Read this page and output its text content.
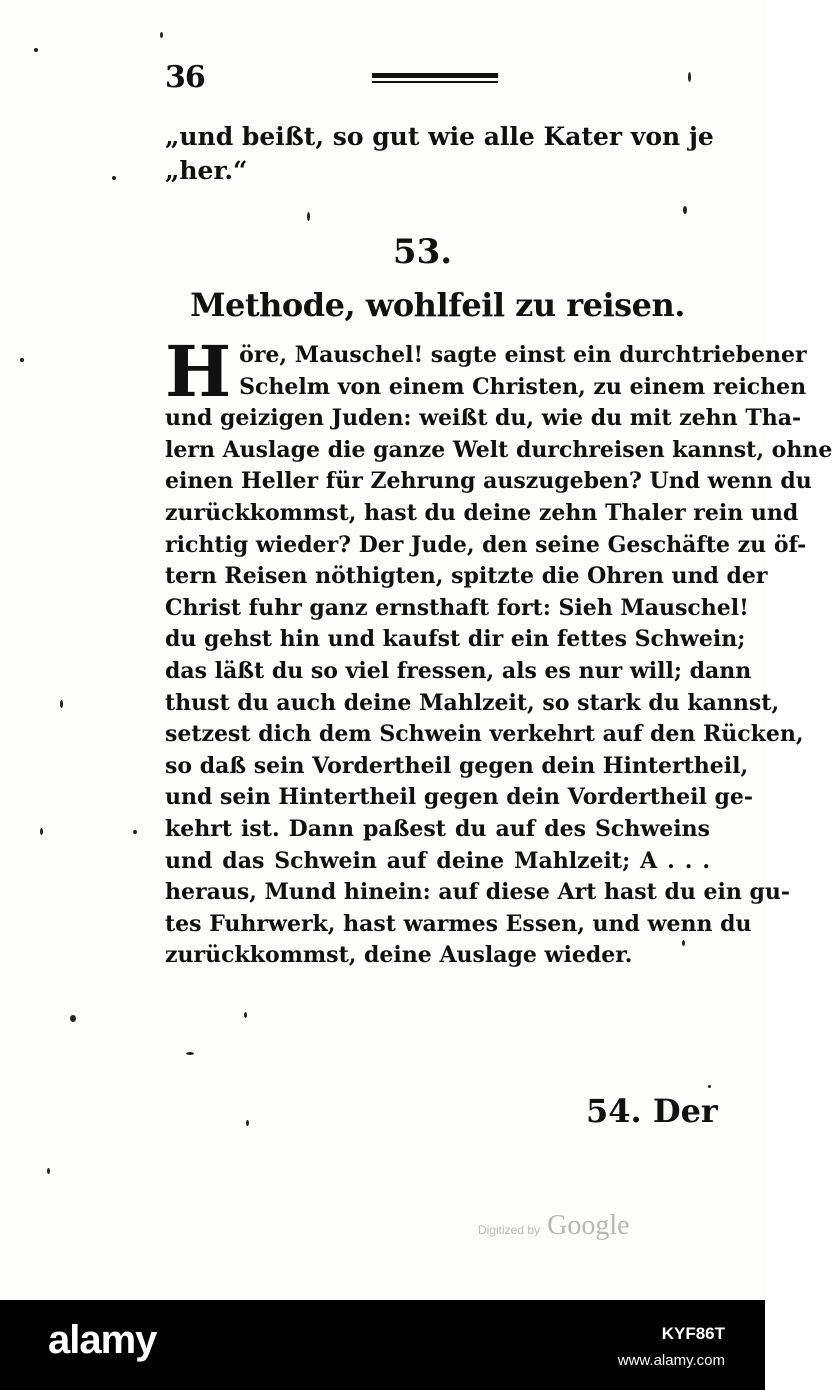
36
„und beißt, so gut wie alle Kater von je
„her.“
53.
Methode, wohlfeil zu reisen.
H öre, Mauschel! sagte einst ein durchtriebener
Schelm von einem Christen, zu einem reichen
und geizigen Juden: weißt du, wie du mit zehn Tha-
lern Auslage die ganze Welt durchreisen kannst, ohne
einen Heller für Zehrung auszugeben? Und wenn du
zurückkommst, hast du deine zehn Thaler rein und
richtig wieder? Der Jude, den seine Geschäfte zu öf-
tern Reisen nöthigten, spitzte die Ohren und der
Christ fuhr ganz ernsthaft fort: Sieh Mauschel!
du gehst hin und kaufst dir ein fettes Schwein;
das läßt du so viel fressen, als es nur will; dann
thust du auch deine Mahlzeit, so stark du kannst,
setzest dich dem Schwein verkehrt auf den Rücken,
so daß sein Vordertheil gegen dein Hintertheil,
und sein Hintertheil gegen dein Vordertheil ge-
kehrt ist. Dann paßest du auf des Schweins
und das Schwein auf deine Mahlzeit; A . . .
heraus, Mund hinein: auf diese Art hast du ein gu-
tes Fuhrwerk, hast warmes Essen, und wenn du
zurückkommst, deine Auslage wieder.
54. Der
Digitized by Google
alamy	KYF86T
www.alamy.com
